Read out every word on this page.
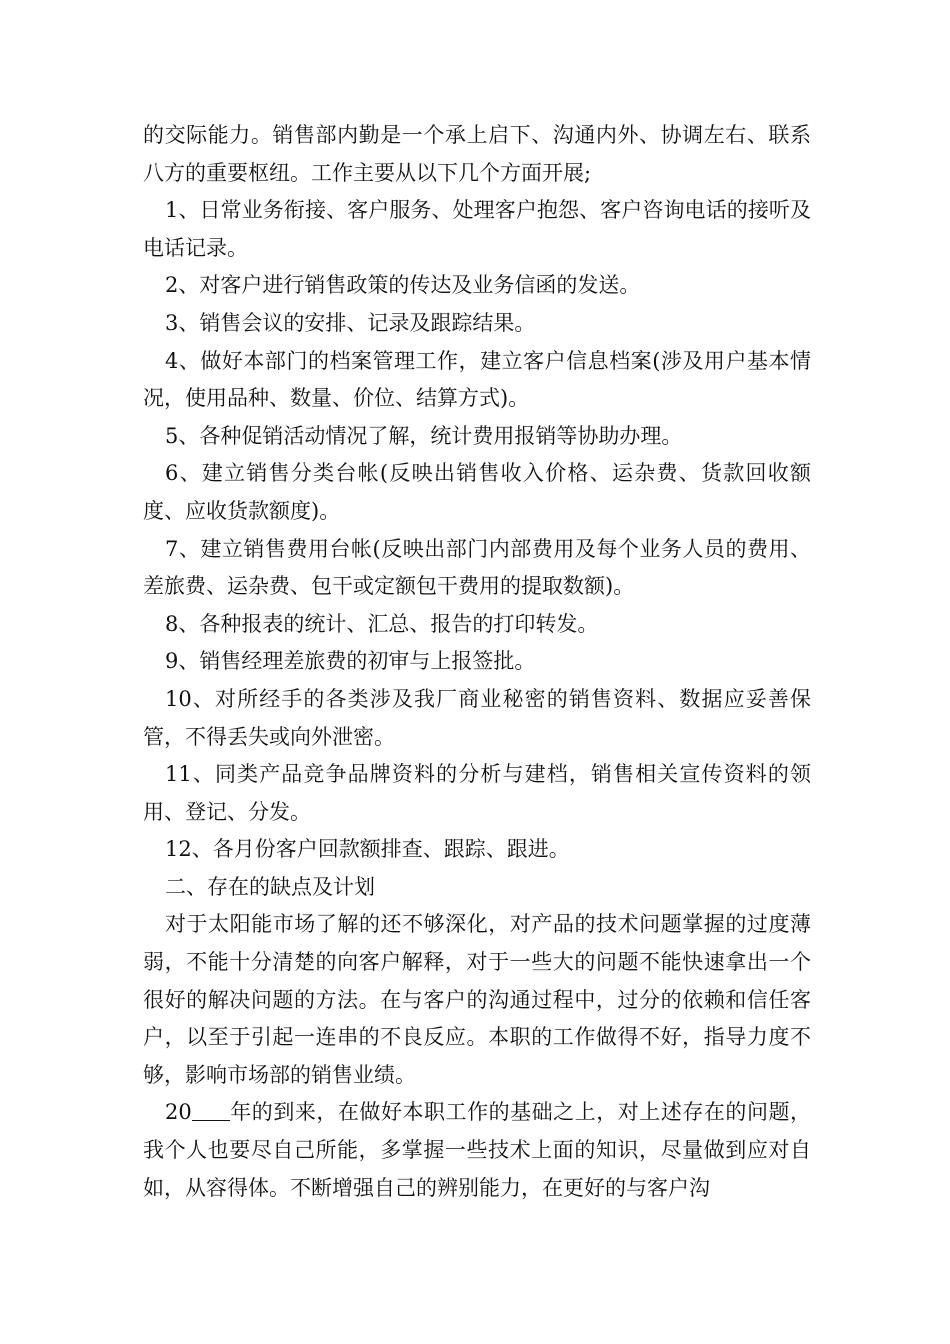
的交际能力。销售部内勤是一个承上启下、沟通内外、协调左右、联系八方的重要枢纽。工作主要从以下几个方面开展;

1、日常业务衔接、客户服务、处理客户抱怨、客户咨询电话的接听及电话记录。

2、对客户进行销售政策的传达及业务信函的发送。

3、销售会议的安排、记录及跟踪结果。

4、做好本部门的档案管理工作，建立客户信息档案(涉及用户基本情况，使用品种、数量、价位、结算方式)。

5、各种促销活动情况了解，统计费用报销等协助办理。

6、建立销售分类台帐(反映出销售收入价格、运杂费、货款回收额度、应收货款额度)。

7、建立销售费用台帐(反映出部门内部费用及每个业务人员的费用、差旅费、运杂费、包干或定额包干费用的提取数额)。

8、各种报表的统计、汇总、报告的打印转发。

9、销售经理差旅费的初审与上报签批。

10、对所经手的各类涉及我厂商业秘密的销售资料、数据应妥善保管，不得丢失或向外泄密。

11、同类产品竞争品牌资料的分析与建档，销售相关宣传资料的领用、登记、分发。

12、各月份客户回款额排查、跟踪、跟进。

二、存在的缺点及计划

对于太阳能市场了解的还不够深化，对产品的技术问题掌握的过度薄弱，不能十分清楚的向客户解释，对于一些大的问题不能快速拿出一个很好的解决问题的方法。在与客户的沟通过程中，过分的依赖和信任客户，以至于引起一连串的不良反应。本职的工作做得不好，指导力度不够，影响市场部的销售业绩。

20 年的到来，在做好本职工作的基础之上，对上述存在的问题，我个人也要尽自己所能，多掌握一些技术上面的知识，尽量做到应对自如，从容得体。不断增强自己的辨别能力，在更好的与客户沟
